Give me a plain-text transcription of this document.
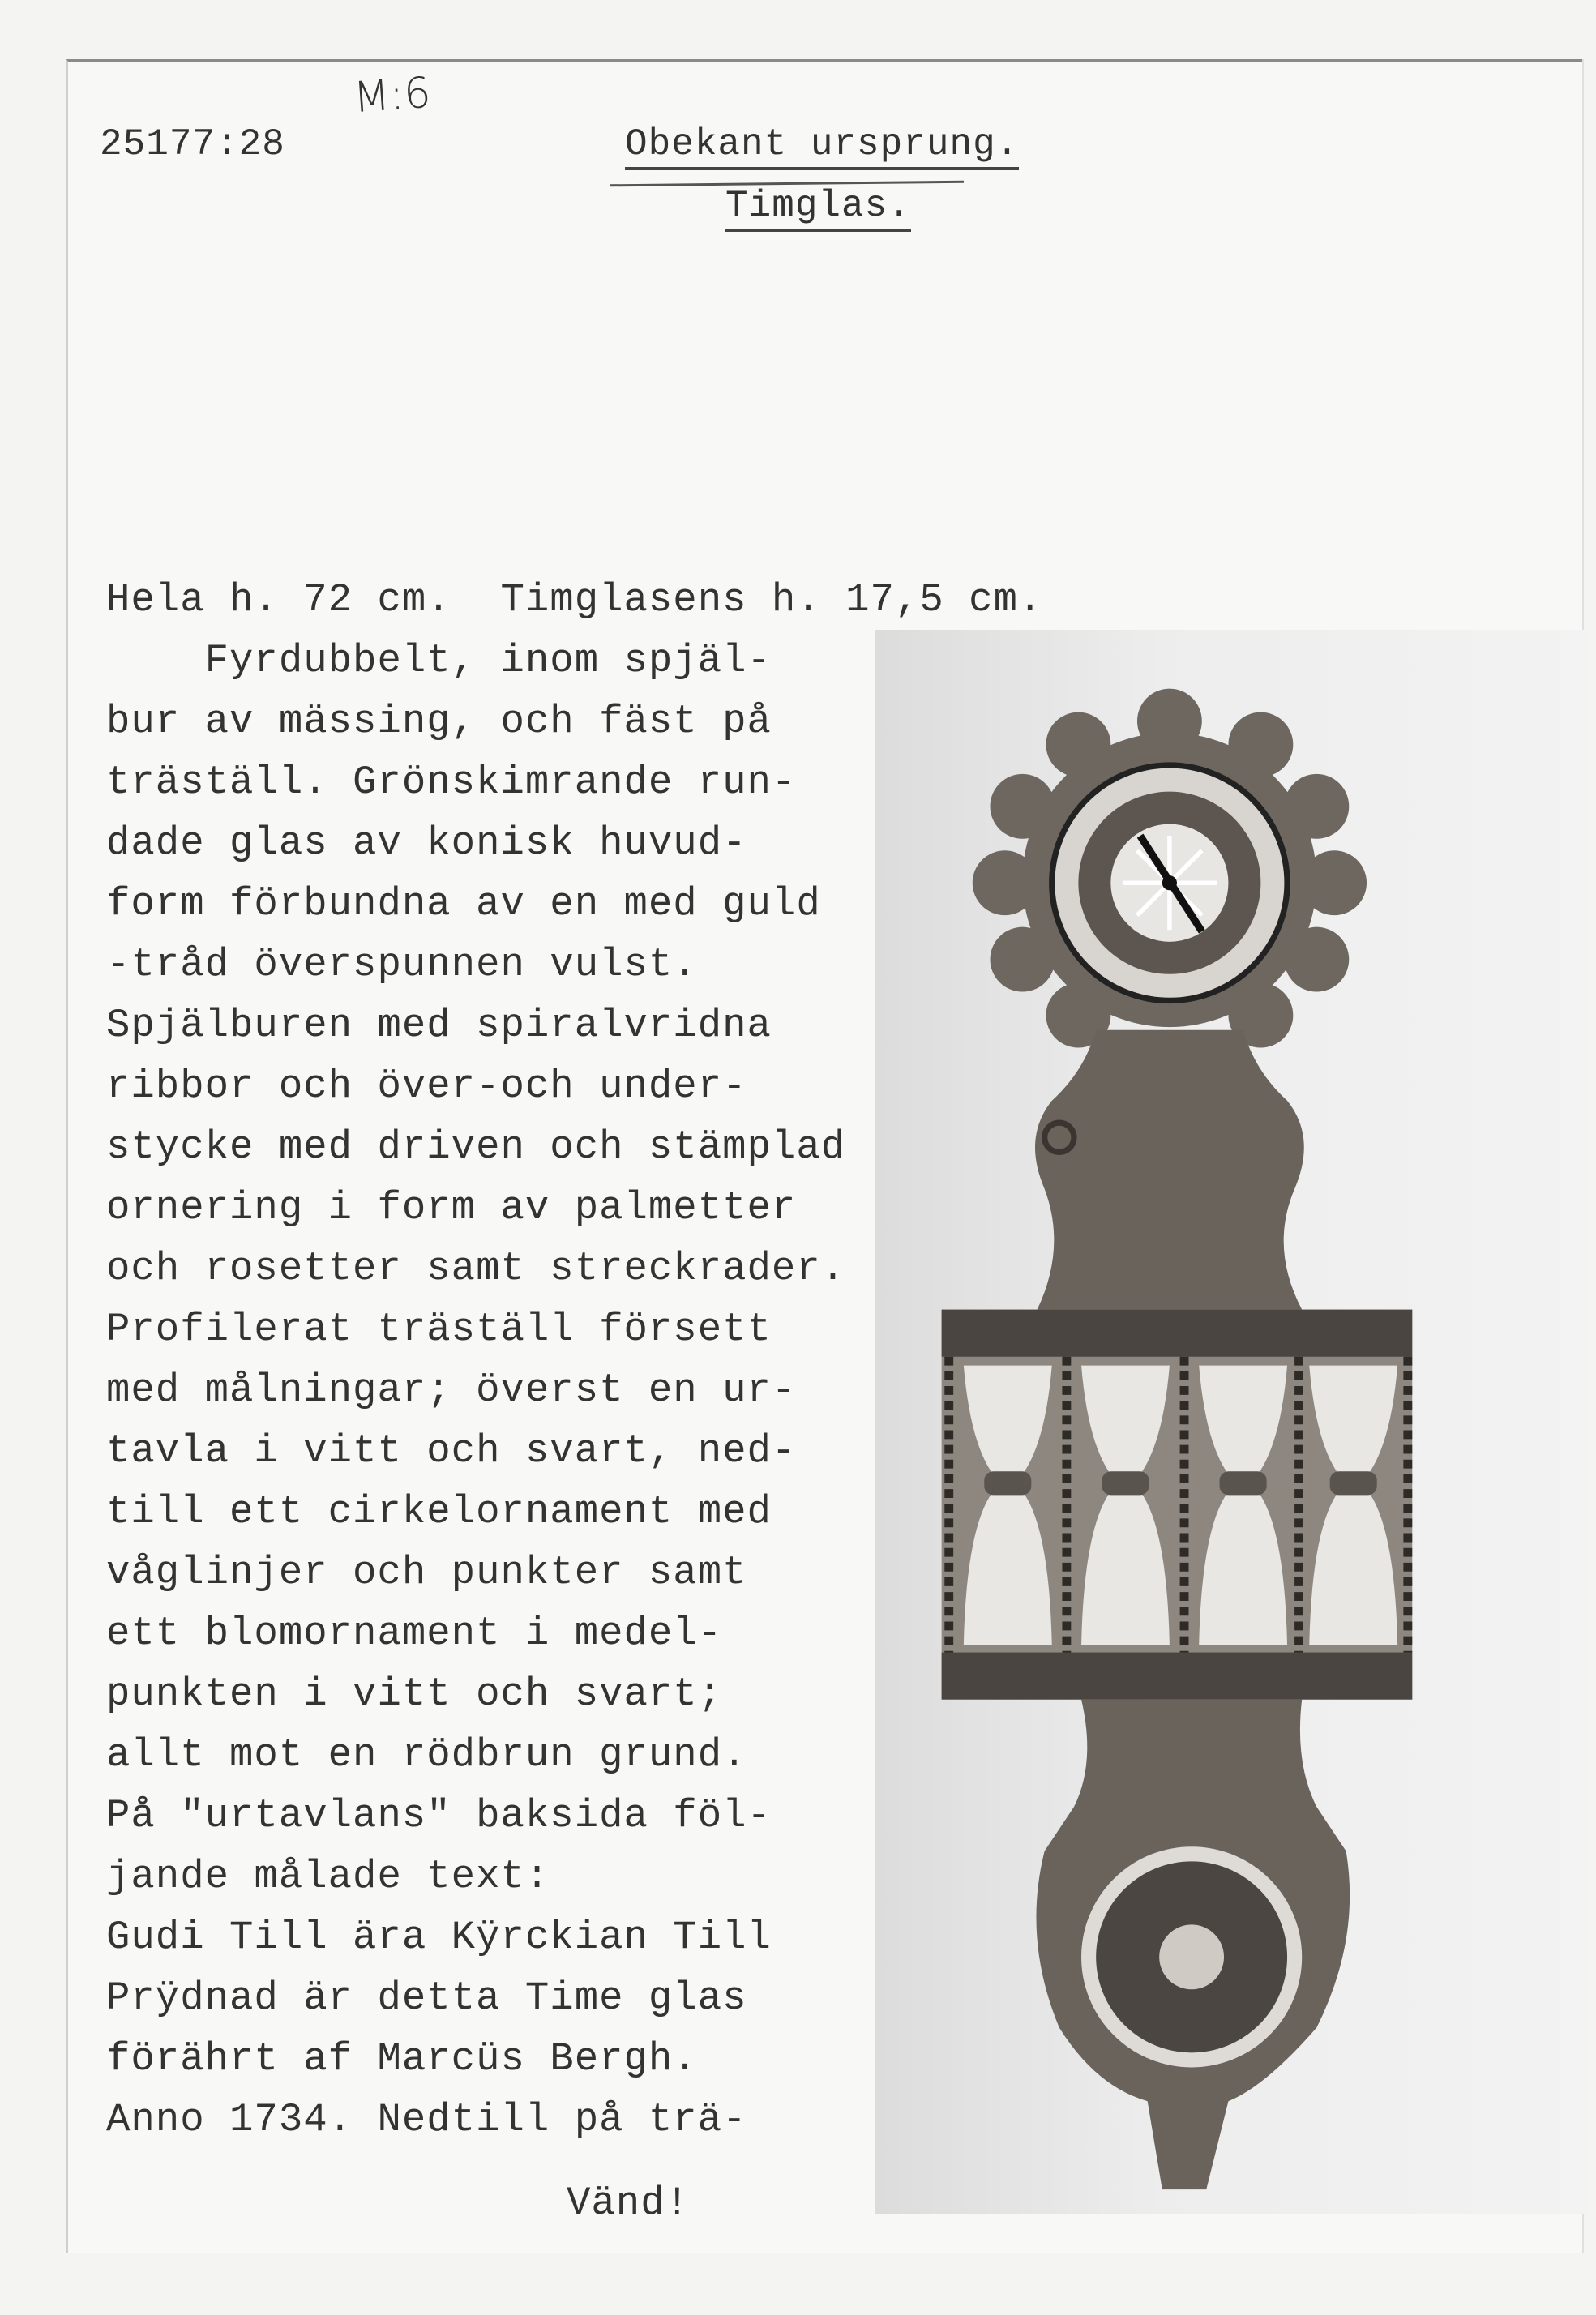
25177:28
M:6
Obekant ursprung.
Timglas.
Hela h. 72 cm.  Timglasens h. 17,5 cm.
Fyrdubbelt, inom spjäl-
bur av mässing, och fäst på
träställ. Grönskimrande run-
dade glas av konisk huvud-
form förbundna av en med guld
-tråd överspunnen vulst.
Spjälburen med spiralvridna
ribbor och över-och under-
stycke med driven och stämplad
ornering i form av palmetter
och rosetter samt streckrader.
Profilerat träställ försett
med målningar; överst en ur-
tavla i vitt och svart, ned-
till ett cirkelornament med
våglinjer och punkter samt
ett blomornament i medel-
punkten i vitt och svart;
allt mot en rödbrun grund.
På "urtavlans" baksida föl-
jande målade text:
Gudi Till ära Kÿrckian Till
Prÿdnad är detta Time glas
förährt af Marcüs Bergh.
Anno 1734. Nedtill på trä-
Vänd!
